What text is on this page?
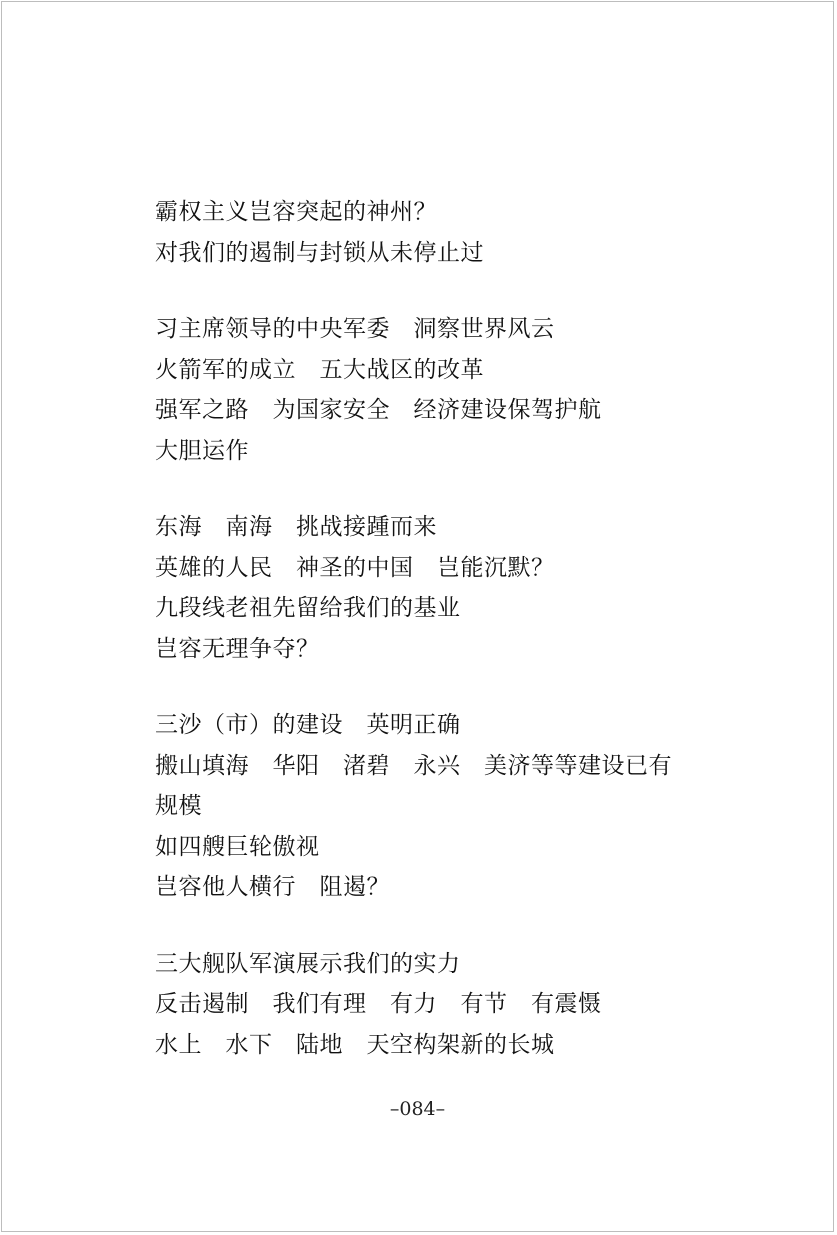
霸权主义岂容突起的神州？
对我们的遏制与封锁从未停止过
习主席领导的中央军委　洞察世界风云
火箭军的成立　五大战区的改革
强军之路　为国家安全　经济建设保驾护航
大胆运作
东海　南海　挑战接踵而来
英雄的人民　神圣的中国　岂能沉默？
九段线老祖先留给我们的基业
岂容无理争夺？
三沙（市）的建设　英明正确
搬山填海　华阳　渚碧　永兴　美济等等建设已有
规模
如四艘巨轮傲视
岂容他人横行　阻遏？
三大舰队军演展示我们的实力
反击遏制　我们有理　有力　有节　有震慑
水上　水下　陆地　天空构架新的长城
–084–
